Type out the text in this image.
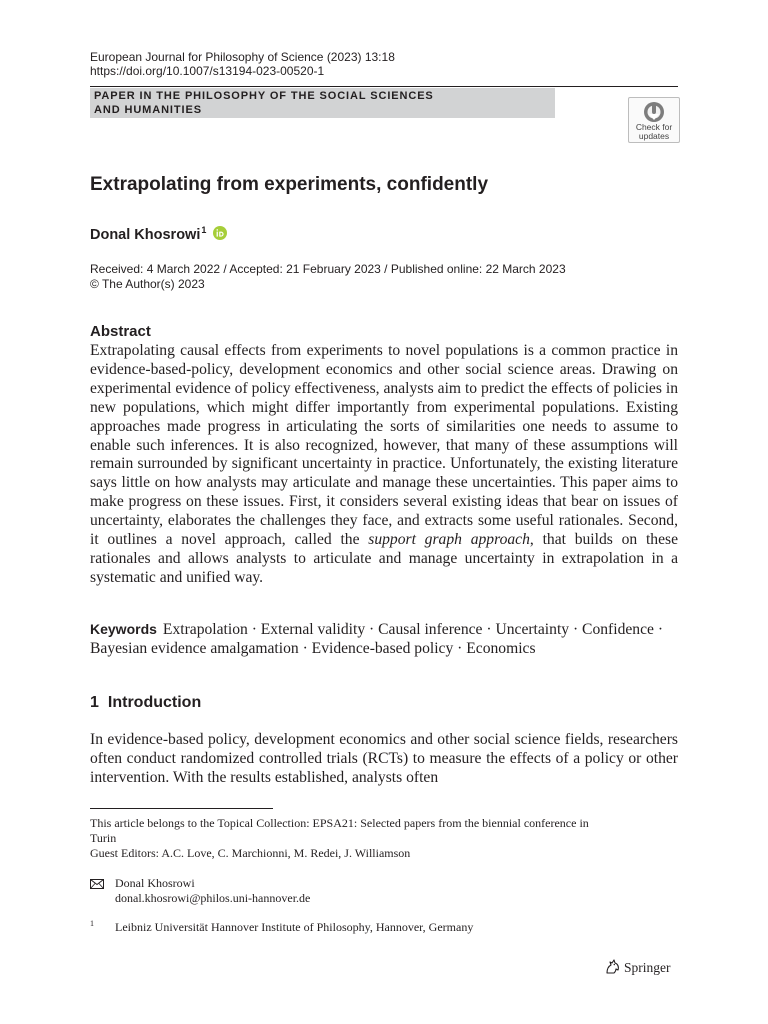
European Journal for Philosophy of Science (2023) 13:18
https://doi.org/10.1007/s13194-023-00520-1
PAPER IN THE PHILOSOPHY OF THE SOCIAL SCIENCES
AND HUMANITIES
Check for
updates
Extrapolating from experiments, confidently
Donal Khosrowi$^1$
Received: 4 March 2022 / Accepted: 21 February 2023 / Published online: 22 March 2023
© The Author(s) 2023
Abstract

Extrapolating causal effects from experiments to novel populations is a common practice in evidence-based-policy, development economics and other social science areas. Drawing on experimental evidence of policy effectiveness, analysts aim to predict the effects of policies in new populations, which might differ importantly from experimental populations. Existing approaches made progress in articulating the sorts of similarities one needs to assume to enable such inferences. It is also recognized, however, that many of these assumptions will remain surrounded by significant uncertainty in practice. Unfortunately, the existing literature says little on how analysts may articulate and manage these uncertainties. This paper aims to make progress on these issues. First, it considers several existing ideas that bear on issues of uncertainty, elaborates the challenges they face, and extracts some useful rationales. Second, it outlines a novel approach, called the support graph approach, that builds on these rationales and allows analysts to articulate and manage uncertainty in extrapolation in a systematic and unified way.

Keywords Extrapolation · External validity · Causal inference · Uncertainty · Confidence · Bayesian evidence amalgamation · Evidence-based policy · Economics

1 Introduction

In evidence-based policy, development economics and other social science fields, researchers often conduct randomized controlled trials (RCTs) to measure the effects of a policy or other intervention. With the results established, analysts often

This article belongs to the Topical Collection: EPSA21: Selected papers from the biennial conference in Turin
Guest Editors: A.C. Love, C. Marchionni, M. Redei, J. Williamson
Donal Khosrowi
donal.khosrowi@philos.uni-hannover.de
1 Leibniz Universität Hannover Institute of Philosophy, Hannover, Germany
Springer
